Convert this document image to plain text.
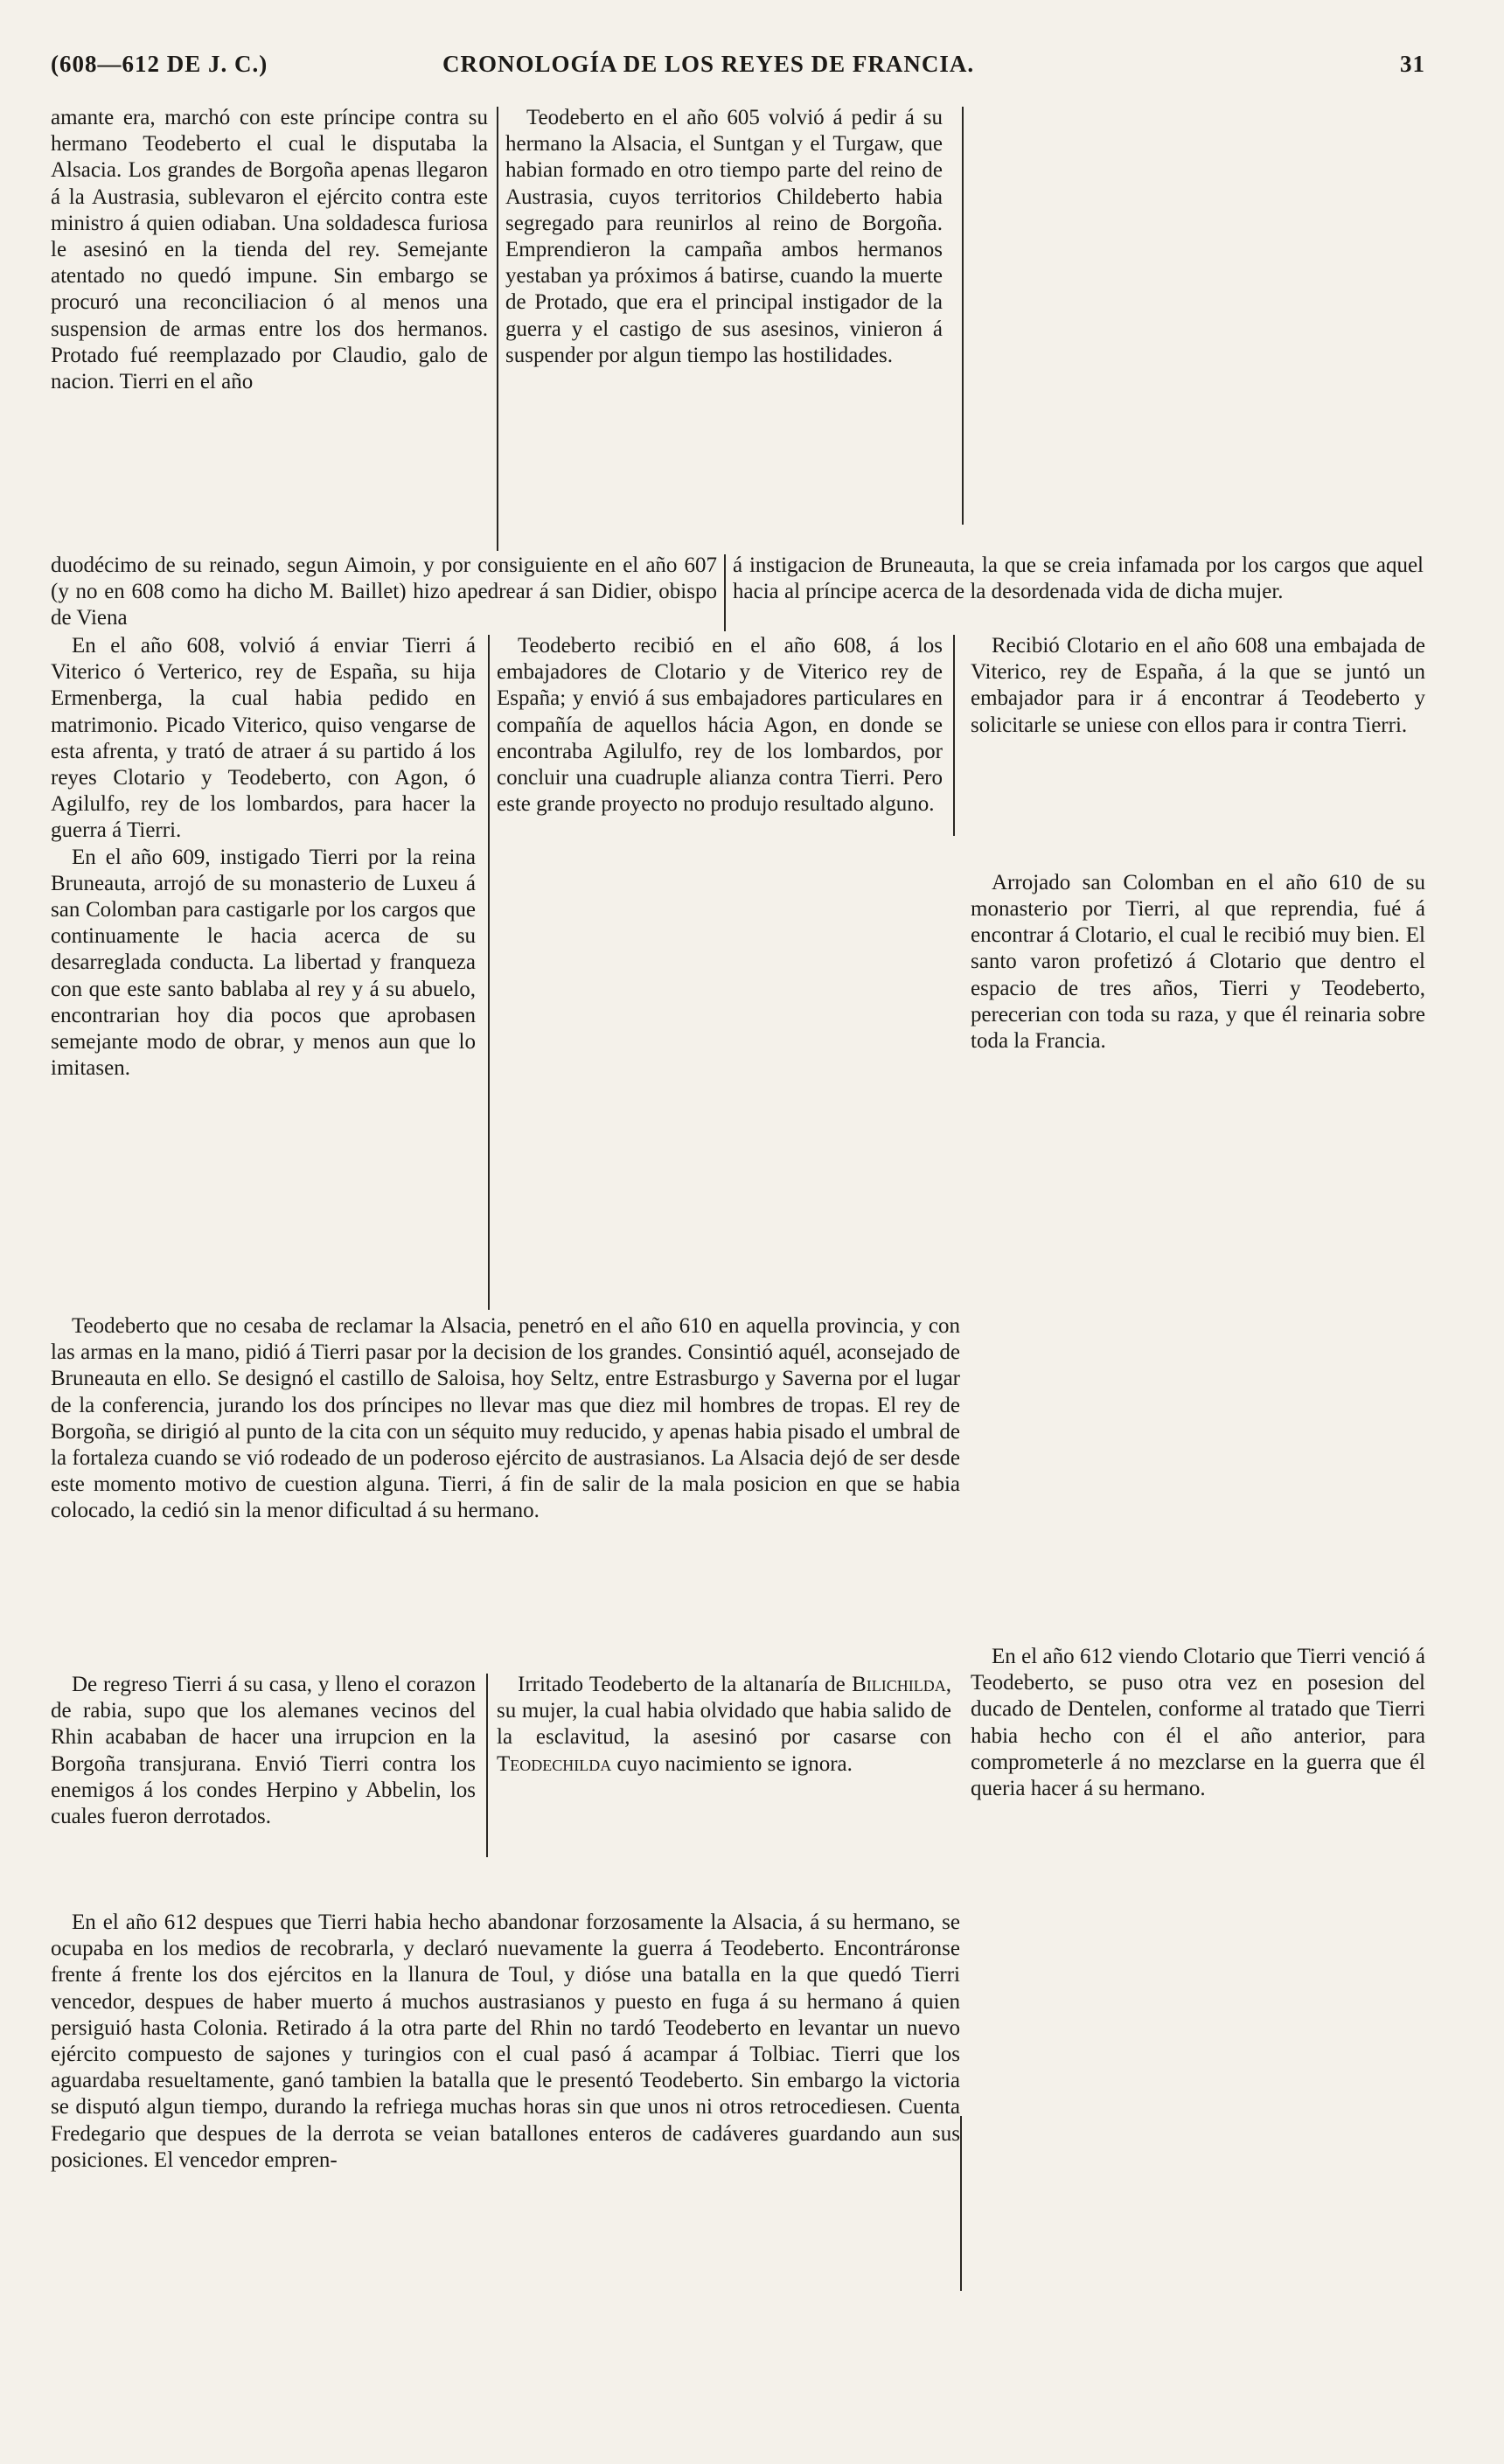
(608—612 DE J. C.)	CRONOLOGÍA DE LOS REYES DE FRANCIA.	31

amante era, marchó con este príncipe contra su hermano Teodeberto el cual le disputaba la Alsacia. Los grandes de Borgoña apenas llegaron á la Austrasia, sublevaron el ejército contra este ministro á quien odiaban. Una soldadesca furiosa le asesinó en la tienda del rey. Semejante atentado no quedó impune. Sin embargo se procuró una reconciliacion ó al menos una suspension de armas entre los dos hermanos. Protado fué reemplazado por Claudio, galo de nacion. Tierri en el año

Teodeberto en el año 605 volvió á pedir á su hermano la Alsacia, el Suntgan y el Turgaw, que habian formado en otro tiempo parte del reino de Austrasia, cuyos territorios Childeberto habia segregado para reunirlos al reino de Borgoña. Emprendieron la campaña ambos hermanos yestaban ya próximos á batirse, cuando la muerte de Protado, que era el principal instigador de la guerra y el castigo de sus asesinos, vinieron á suspender por algun tiempo las hostilidades.

duodécimo de su reinado, segun Aimoin, y por consiguiente en el año 607 (y no en 608 como ha dicho M. Baillet) hizo apedrear á san Didier, obispo de Viena

á instigacion de Bruneauta, la que se creia infamada por los cargos que aquel hacia al príncipe acerca de la desordenada vida de dicha mujer.

En el año 608, volvió á enviar Tierri á Viterico ó Verterico, rey de España, su hija Ermenberga, la cual habia pedido en matrimonio. Picado Viterico, quiso vengarse de esta afrenta, y trató de atraer á su partido á los reyes Clotario y Teodeberto, con Agon, ó Agilulfo, rey de los lombardos, para hacer la guerra á Tierri.

En el año 609, instigado Tierri por la reina Bruneauta, arrojó de su monasterio de Luxeu á san Colomban para castigarle por los cargos que continuamente le hacia acerca de su desarreglada conducta. La libertad y franqueza con que este santo bablaba al rey y á su abuelo, encontrarian hoy dia pocos que aprobasen semejante modo de obrar, y menos aun que lo imitasen.

Teodeberto recibió en el año 608, á los embajadores de Clotario y de Viterico rey de España; y envió á sus embajadores particulares en compañía de aquellos hácia Agon, en donde se encontraba Agilulfo, rey de los lombardos, por concluir una cuadruple alianza contra Tierri. Pero este grande proyecto no produjo resultado alguno.

Recibió Clotario en el año 608 una embajada de Viterico, rey de España, á la que se juntó un embajador para ir á encontrar á Teodeberto y solicitarle se uniese con ellos para ir contra Tierri.

Arrojado san Colomban en el año 610 de su monasterio por Tierri, al que reprendia, fué á encontrar á Clotario, el cual le recibió muy bien. El santo varon profetizó á Clotario que dentro el espacio de tres años, Tierri y Teodeberto, perecerian con toda su raza, y que él reinaria sobre toda la Francia.

Teodeberto que no cesaba de reclamar la Alsacia, penetró en el año 610 en aquella provincia, y con las armas en la mano, pidió á Tierri pasar por la decision de los grandes. Consintió aquél, aconsejado de Bruneauta en ello. Se designó el castillo de Saloisa, hoy Seltz, entre Estrasburgo y Saverna por el lugar de la conferencia, jurando los dos príncipes no llevar mas que diez mil hombres de tropas. El rey de Borgoña, se dirigió al punto de la cita con un séquito muy reducido, y apenas habia pisado el umbral de la fortaleza cuando se vió rodeado de un poderoso ejército de austrasianos. La Alsacia dejó de ser desde este momento motivo de cuestion alguna. Tierri, á fin de salir de la mala posicion en que se habia colocado, la cedió sin la menor dificultad á su hermano.

De regreso Tierri á su casa, y lleno el corazon de rabia, supo que los alemanes vecinos del Rhin acababan de hacer una irrupcion en la Borgoña transjurana. Envió Tierri contra los enemigos á los condes Herpino y Abbelin, los cuales fueron derrotados.

Irritado Teodeberto de la altanaría de Bilichilda, su mujer, la cual habia olvidado que habia salido de la esclavitud, la asesinó por casarse con Teodechilda cuyo nacimiento se ignora.

En el año 612 viendo Clotario que Tierri venció á Teodeberto, se puso otra vez en posesion del ducado de Dentelen, conforme al tratado que Tierri habia hecho con él el año anterior, para comprometerle á no mezclarse en la guerra que él queria hacer á su hermano.

En el año 612 despues que Tierri habia hecho abandonar forzosamente la Alsacia, á su hermano, se ocupaba en los medios de recobrarla, y declaró nuevamente la guerra á Teodeberto. Encontráronse frente á frente los dos ejércitos en la llanura de Toul, y dióse una batalla en la que quedó Tierri vencedor, despues de haber muerto á muchos austrasianos y puesto en fuga á su hermano á quien persiguió hasta Colonia. Retirado á la otra parte del Rhin no tardó Teodeberto en levantar un nuevo ejército compuesto de sajones y turingios con el cual pasó á acampar á Tolbiac. Tierri que los aguardaba resueltamente, ganó tambien la batalla que le presentó Teodeberto. Sin embargo la victoria se disputó algun tiempo, durando la refriega muchas horas sin que unos ni otros retrocediesen. Cuenta Fredegario que despues de la derrota se veian batallones enteros de cadáveres guardando aun sus posiciones. El vencedor empren-
